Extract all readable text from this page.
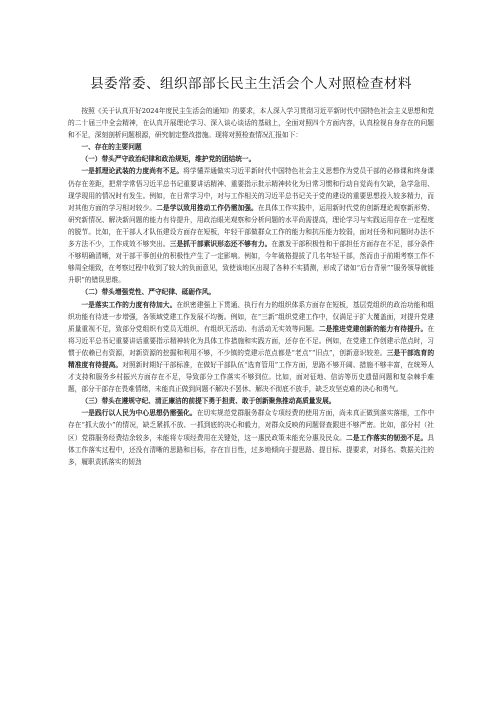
县委常委、组织部部长民主生活会个人对照检查材料

按照《关于认真开好2024年度民主生活会的通知》的要求，本人深入学习贯彻习近平新时代中国特色社会主义思想和党的二十届三中全会精神，在认真开展理论学习、深入谈心谈话的基础上，全面对照四个方面内容，认真检视自身存在的问题和不足，深刻剖析问题根源，研究制定整改措施。现将对照检查情况汇报如下：

一、存在的主要问题

（一）带头严守政治纪律和政治规矩，维护党的团结统一。

一是抓理论武装的力度尚有不足。将学懂弄通做实习近平新时代中国特色社会主义思想作为党员干部的必修课和终身课仍存在差距，把常学常悟习近平总书记重要讲话精神、重要指示批示精神转化为日常习惯和行动自觉尚有欠缺，急学急用、现学现用的情况时有发生。例如，在日常学习中，对与工作相关的习近平总书记关于党的建设的重要思想投入较多精力，而对其他方面的学习相对较少。二是学以致用推动工作仍需加强。在具体工作实践中，运用新时代党的创新理论观察新形势、研究新情况、解决新问题的能力有待提升，用政治眼光观察和分析问题的水平尚需提高，理论学习与实践运用存在一定程度的脱节。比如，在干部人才队伍建设方面存在短板，年轻干部做群众工作的能力和抗压能力较弱，面对任务和问题时办法不多方法不少，工作成效不够突出。三是抓干部素识形态还不够有力。在激发干部积极性和干部担任方面存在不足，部分条件不够明确清晰，对干部干事创业的积极性产生了一定影响。例如，今年破格提拔了几名年轻干部，然而由于前期考察工作不够周全细致，在考察过程中收到了较大的负面意见，致使该地区出现了各种不实猜测，形成了诸如“后台背景”“服务领导就能升职”的错误思维。

（二）带头增强党性、严守纪律、砥砺作风。

一是落实工作的力度有待加大。在织密建强上下贯通、执行有力的组织体系方面存在短板，基层党组织的政治功能和组织功能有待进一步增强，各领域党建工作发展不均衡。例如，在“三新”组织党建工作中，仅满足于扩大覆盖面，对提升党建质量重视不足，致部分党组织有党员无组织、有组织无活动、有活动无实效等问题。二是推进党建创新的能力有待提升。在将习近平总书记重要讲话重要指示精神转化为具体工作措施和实践方面，还存在不足。例如，在党建工作创建示范点时，习惯于依赖已有资源，对新资源的挖掘和利用不够，不少镇的党建示范点都是“老点”“旧点”，创新意识较差。三是干部选育的精准度有待提高。对照新时期好干部标准，在做好干部队伍“选育管用”工作方面，思路不够开阔、措施不够丰富，在统筹人才支持和服务乡村振兴方面存在不足，导致部分工作落实不够到位。比如，面对征地、信访等历史遗留问题和复杂棘手难题，部分干部存在畏难情绪，未能真正做到问题不解决不罢休、解决不彻底不放手，缺乏攻坚克难的决心和勇气。

（三）带头在遵规守纪、清正廉洁的前提下勇于担责、敢于创新聚焦推动高质量发展。

一是践行以人民为中心思想仍需强化。在切实规范党群服务群众专项经费的使用方面，尚未真正做到落实落细，工作中存在“抓大放小”的情况，缺乏紧抓不放、一抓到底的决心和毅力，对群众反映的问题督查跟进不够严密。比如，部分村（社区）党群服务经费结余较多，未能将专项经费用在关键处，这一惠民政策未能充分惠及民众。二是工作落实的韧劲不足。具体工作落实过程中，还没有清晰的思路和目标，存在盲目性，过多地倾向于提思路、提目标、提要求，对择名、数据关注的多，履职责抓落实的韧劲
